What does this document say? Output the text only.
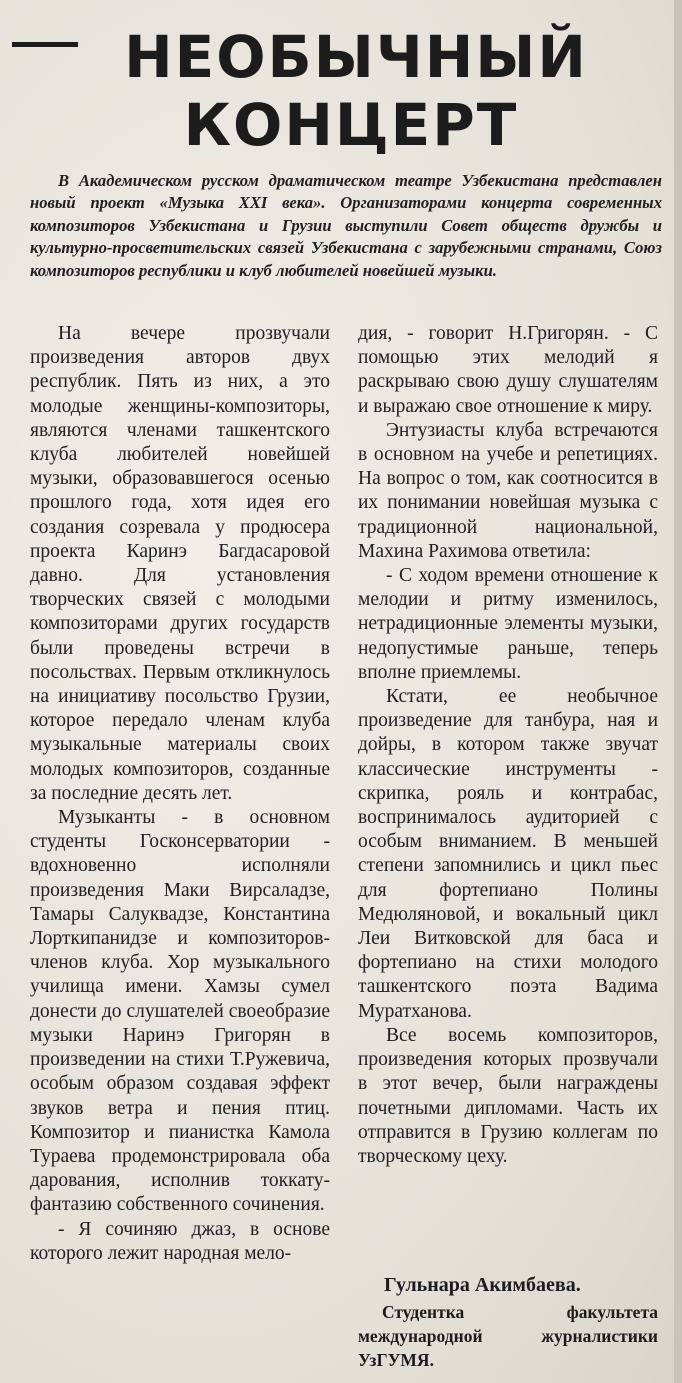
НЕОБЫЧНЫЙ
КОНЦЕРТ
В Академическом русском драматическом театре Узбекистана представлен новый проект «Музыка XXI века». Организаторами концерта современных композиторов Узбекистана и Грузии выступили Совет обществ дружбы и культурно-просветительских связей Узбекистана с зарубежными странами, Союз композиторов республики и клуб любителей новейшей музыки.

На вечере прозвучали произведения авторов двух республик. Пять из них, а это молодые женщины-композиторы, являются членами ташкентского клуба любителей новейшей музыки, образовавшегося осенью прошлого года, хотя идея его создания созревала у продюсера проекта Каринэ Багдасаровой давно. Для установления творческих связей с молодыми композиторами других государств были проведены встречи в посольствах. Первым откликнулось на инициативу посольство Грузии, которое передало членам клуба музыкальные материалы своих молодых композиторов, созданные за последние десять лет.

Музыканты - в основном студенты Госконсерватории - вдохновенно исполняли произведения Маки Вирсаладзе, Тамары Салуквадзе, Константина Лорткипанидзе и композиторов-членов клуба. Хор музыкального училища имени. Хамзы сумел донести до слушателей своеобразие музыки Наринэ Григорян в произведении на стихи Т.Ружевича, особым образом создавая эффект звуков ветра и пения птиц. Композитор и пианистка Камола Тураева продемонстрировала оба дарования, исполнив токкату-фантазию собственного сочинения.

- Я сочиняю джаз, в основе которого лежит народная мело-

дия, - говорит Н.Григорян. - С помощью этих мелодий я раскрываю свою душу слушателям и выражаю свое отношение к миру.

Энтузиасты клуба встречаются в основном на учебе и репетициях. На вопрос о том, как соотносится в их понимании новейшая музыка с традиционной национальной, Махина Рахимова ответила:

- С ходом времени отношение к мелодии и ритму изменилось, нетрадиционные элементы музыки, недопустимые раньше, теперь вполне приемлемы.

Кстати, ее необычное произведение для танбура, ная и дойры, в котором также звучат классические инструменты - скрипка, рояль и контрабас, воспринималось аудиторией с особым вниманием. В меньшей степени запомнились и цикл пьес для фортепиано Полины Медюляновой, и вокальный цикл Леи Витковской для баса и фортепиано на стихи молодого ташкентского поэта Вадима Муратханова.

Все восемь композиторов, произведения которых прозвучали в этот вечер, были награждены почетными дипломами. Часть их отправится в Грузию коллегам по творческому цеху.

Гульнара Акимбаева.
Студентка факультета международной журналистики УзГУМЯ.
